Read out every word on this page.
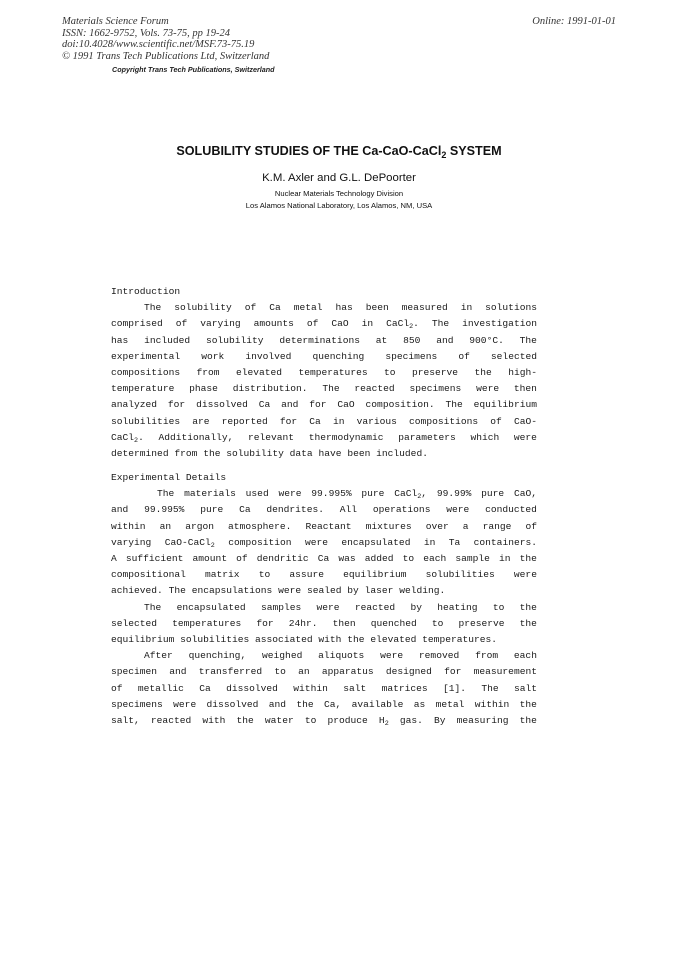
Materials Science Forum
ISSN: 1662-9752, Vols. 73-75, pp 19-24
doi:10.4028/www.scientific.net/MSF.73-75.19
© 1991 Trans Tech Publications Ltd, Switzerland
Online: 1991-01-01
Copyright Trans Tech Publications, Switzerland
SOLUBILITY STUDIES OF THE Ca-CaO-CaCl$_2$ SYSTEM
K.M. Axler and G.L. DePoorter
Nuclear Materials Technology Division
Los Alamos National Laboratory, Los Alamos, NM, USA
Introduction
The solubility of Ca metal has been measured in solutions
comprised of varying amounts of CaO in CaCl$_2$. The investigation
has included solubility determinations at 850 and 900°C. The
experimental work involved quenching specimens of selected
compositions from elevated temperatures to preserve the high-
temperature phase distribution. The reacted specimens were then
analyzed for dissolved Ca and for CaO composition. The equilibrium
solubilities are reported for Ca in various compositions of CaO-
CaCl$_2$. Additionally, relevant thermodynamic parameters which were
determined from the solubility data have been included.
Experimental Details
The materials used were 99.995% pure CaCl$_2$, 99.99% pure CaO,
and 99.995% pure Ca dendrites. All operations were conducted
within an argon atmosphere. Reactant mixtures over a range of
varying CaO-CaCl$_2$ composition were encapsulated in Ta containers.
A sufficient amount of dendritic Ca was added to each sample in the
compositional matrix to assure equilibrium solubilities were
achieved. The encapsulations were sealed by laser welding.
The encapsulated samples were reacted by heating to the
selected temperatures for 24hr. then quenched to preserve the
equilibrium solubilities associated with the elevated temperatures.
After quenching, weighed aliquots were removed from each
specimen and transferred to an apparatus designed for measurement
of metallic Ca dissolved within salt matrices [1]. The salt
specimens were dissolved and the Ca, available as metal within the
salt, reacted with the water to produce $H_2$ gas. By measuring the
